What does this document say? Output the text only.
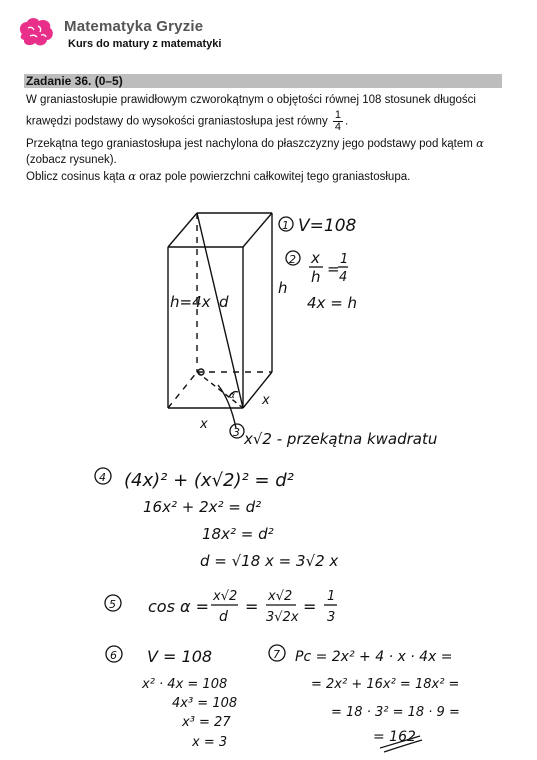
Matematyka Gryzie
Kurs do matury z matematyki
Zadanie 36. (0–5)

W graniastosłupie prawidłowym czworokątnym o objętości równej 108 stosunek długości

krawędzi podstawy do wysokości graniastosłupa jest równy $\frac{1}{4}$ .

Przekątna tego graniastosłupa jest nachylona do płaszczyzny jego podstawy pod kątem α

(zobacz rysunek).

Oblicz cosinus kąta α oraz pole powierzchni całkowitej tego graniastosłupa.

h=4x d
h
x
x
α
1 V=108
2 x
h =
1
4
4x = h
3 x√2 - przekątna kwadratu
4 (4x)² + (x√2)² = d²
16x² + 2x² = d²
18x² = d²
d = √18 x = 3√2 x
5 cos α =
x√2
d
=
x√2
3√2x
=
1
3
6 V = 108
x² · 4x = 108
4x³ = 108
x³ = 27
x = 3
7 Pc = 2x² + 4 · x · 4x =
= 2x² + 16x² = 18x² =
= 18 · 3² = 18 · 9 =
= 162
